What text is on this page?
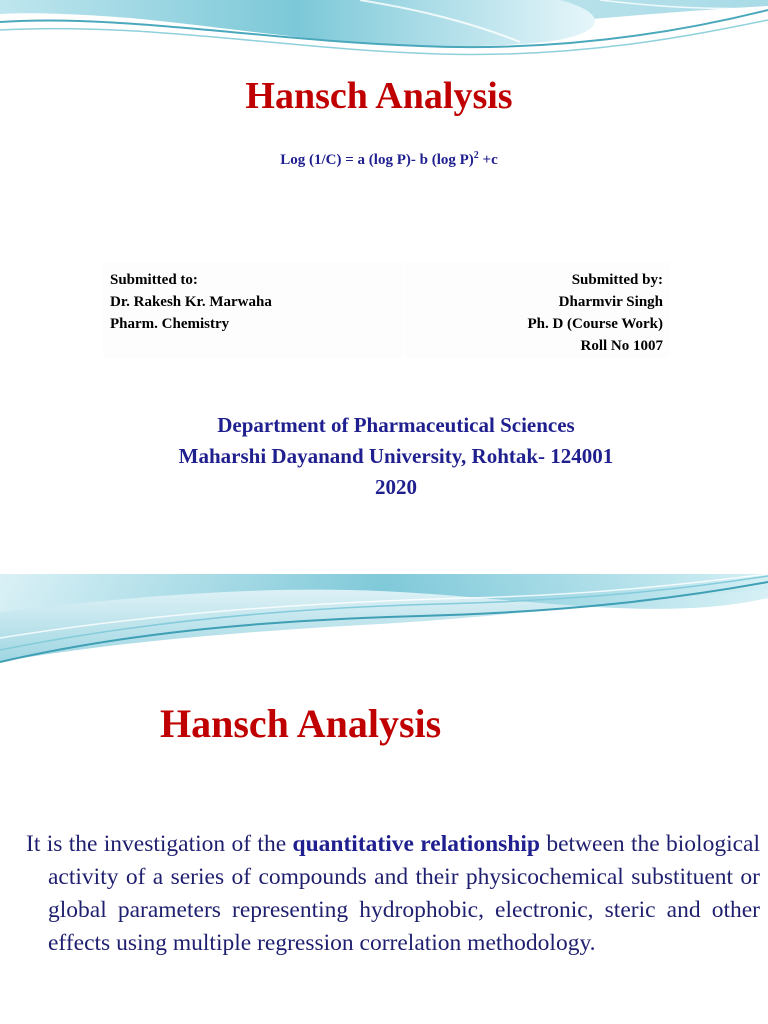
Hansch Analysis
Log (1/C) = a (log P)- b (log P)$^2$ +c
Submitted to:
Dr. Rakesh Kr. Marwaha
Pharm. Chemistry
Submitted by:
Dharmvir Singh
Ph. D (Course Work)
Roll No 1007
Department of Pharmaceutical Sciences
Maharshi Dayanand University, Rohtak- 124001
2020
Hansch Analysis

It is the investigation of the quantitative relationship between the biological activity of a series of compounds and their physicochemical substituent or global parameters representing hydrophobic, electronic, steric and other effects using multiple regression correlation methodology.
